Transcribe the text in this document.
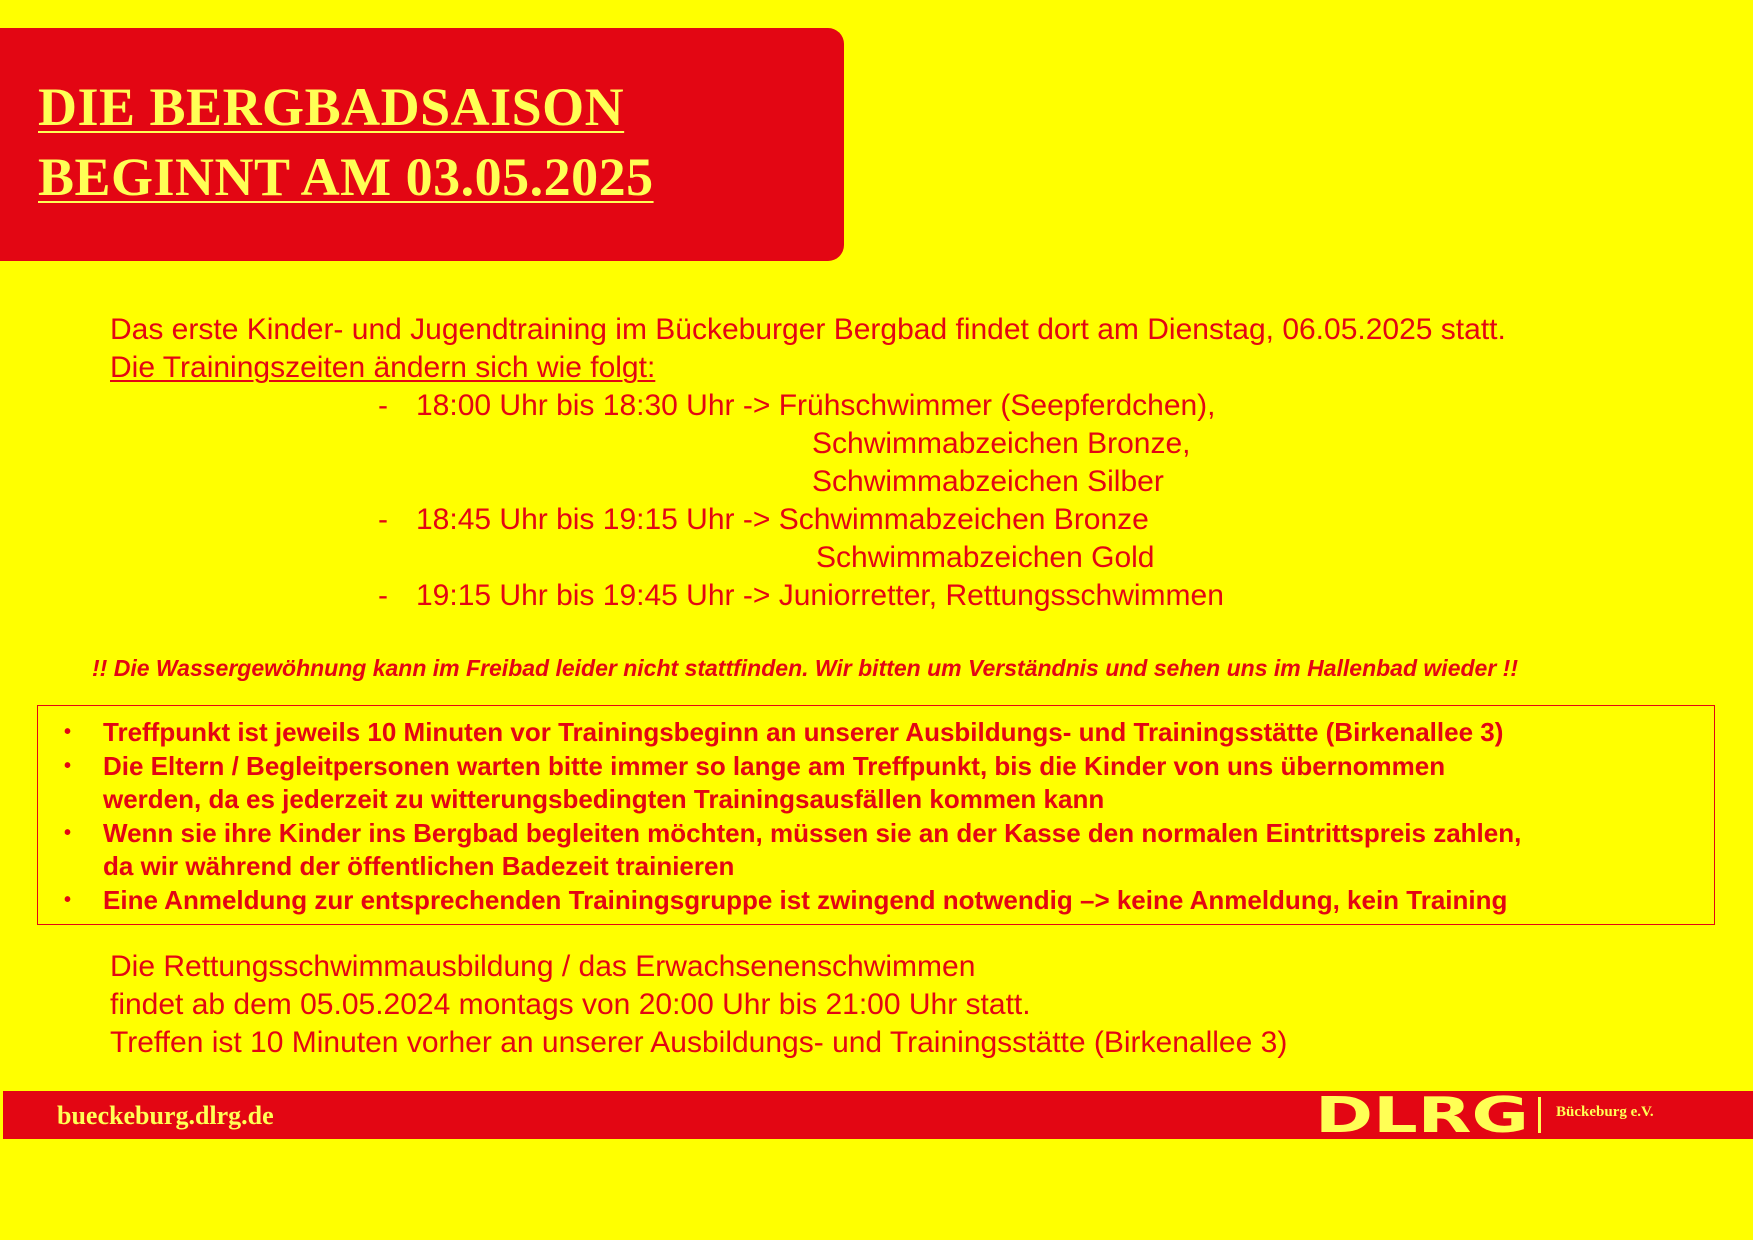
DIE BERGBADSAISON
BEGINNT AM 03.05.2025
Das erste Kinder- und Jugendtraining im Bückeburger Bergbad findet dort am Dienstag, 06.05.2025 statt.
Die Trainingszeiten ändern sich wie folgt:
- 18:00 Uhr bis 18:30 Uhr -> Frühschwimmer (Seepferdchen),
Schwimmabzeichen Bronze,
Schwimmabzeichen Silber
- 18:45 Uhr bis 19:15 Uhr -> Schwimmabzeichen Bronze
Schwimmabzeichen Gold
- 19:15 Uhr bis 19:45 Uhr -> Juniorretter, Rettungsschwimmen
!! Die Wassergewöhnung kann im Freibad leider nicht stattfinden. Wir bitten um Verständnis und sehen uns im Hallenbad wieder !!
• Treffpunkt ist jeweils 10 Minuten vor Trainingsbeginn an unserer Ausbildungs- und Trainingsstätte (Birkenallee 3)
• Die Eltern / Begleitpersonen warten bitte immer so lange am Treffpunkt, bis die Kinder von uns übernommen
werden, da es jederzeit zu witterungsbedingten Trainingsausfällen kommen kann
• Wenn sie ihre Kinder ins Bergbad begleiten möchten, müssen sie an der Kasse den normalen Eintrittspreis zahlen,
da wir während der öffentlichen Badezeit trainieren
• Eine Anmeldung zur entsprechenden Trainingsgruppe ist zwingend notwendig –> keine Anmeldung, kein Training
Die Rettungsschwimmausbildung / das Erwachsenenschwimmen
findet ab dem 05.05.2024 montags von 20:00 Uhr bis 21:00 Uhr statt.
Treffen ist 10 Minuten vorher an unserer Ausbildungs- und Trainingsstätte (Birkenallee 3)
bueckeburg.dlrg.de	DLRG Bückeburg e.V.
